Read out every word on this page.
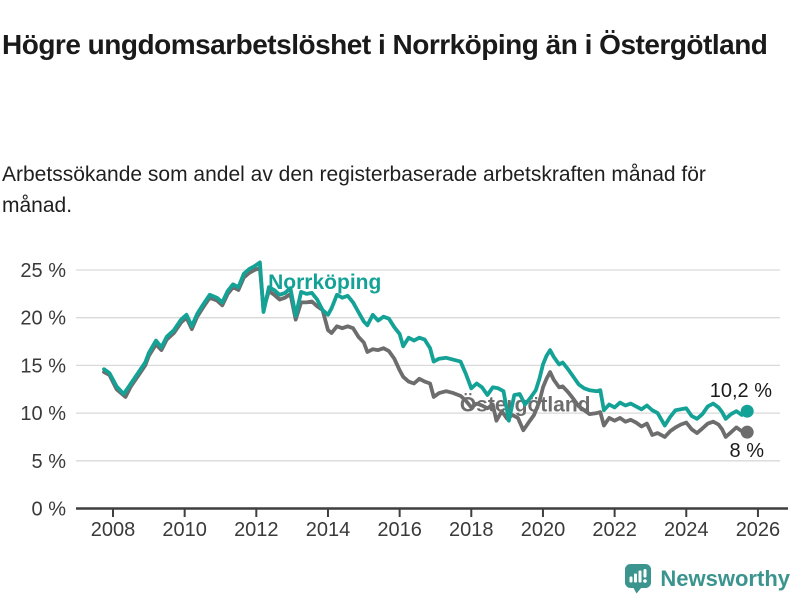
Högre ungdomsarbetslöshet i Norrköping än i Östergötland

Arbetssökande som andel av den registerbaserade arbetskraften månad för månad.

0 %
5 %
10 %
15 %
20 %
25 %
2008 2010 2012 2014 2016 2018 2020 2022 2024 2026
Östergötland
8 %
Norrköping
10,2 %
Newsworthy
